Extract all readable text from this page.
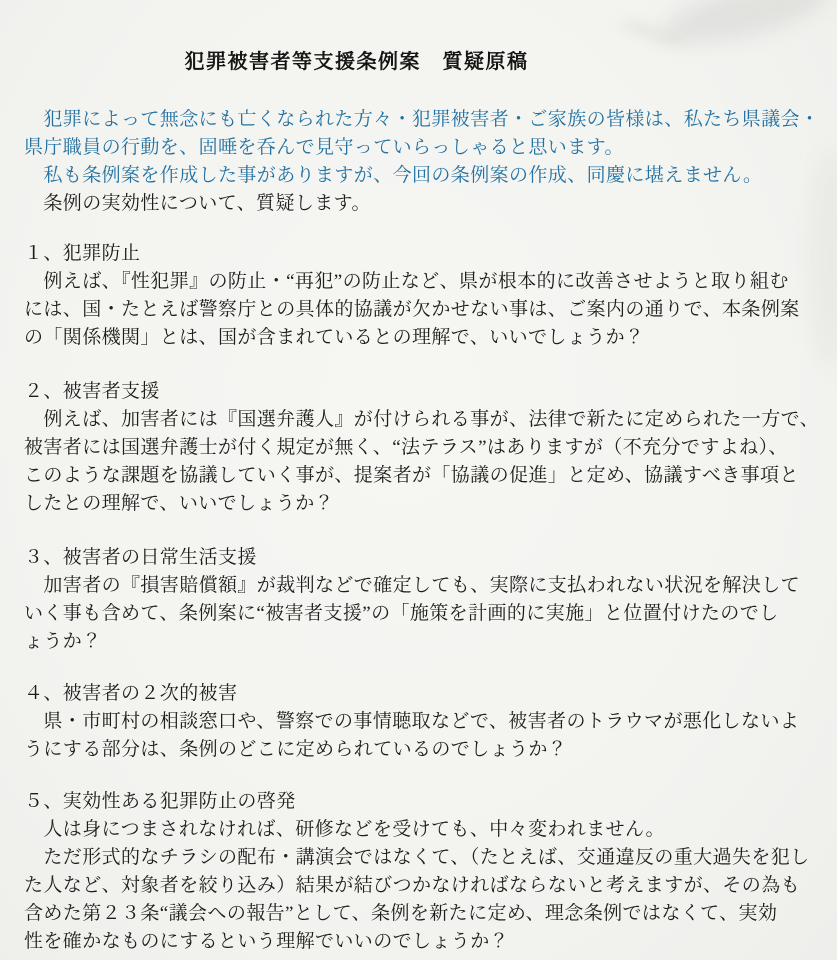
犯罪被害者等支援条例案　質疑原稿
　犯罪によって無念にも亡くなられた方々・犯罪被害者・ご家族の皆様は、私たち県議会・
県庁職員の行動を、固唾を呑んで見守っていらっしゃると思います。
　私も条例案を作成した事がありますが、今回の条例案の作成、同慶に堪えません。
　条例の実効性について、質疑します。
１、犯罪防止
　例えば、『性犯罪』の防止・“再犯”の防止など、県が根本的に改善させようと取り組む
には、国・たとえば警察庁との具体的協議が欠かせない事は、ご案内の通りで、本条例案
の「関係機関」とは、国が含まれているとの理解で、いいでしょうか？
２、被害者支援
　例えば、加害者には『国選弁護人』が付けられる事が、法律で新たに定められた一方で、
被害者には国選弁護士が付く規定が無く、“法テラス”はありますが（不充分ですよね）、
このような課題を協議していく事が、提案者が「協議の促進」と定め、協議すべき事項と
したとの理解で、いいでしょうか？
３、被害者の日常生活支援
　加害者の『損害賠償額』が裁判などで確定しても、実際に支払われない状況を解決して
いく事も含めて、条例案に“被害者支援”の「施策を計画的に実施」と位置付けたのでし
ょうか？
４、被害者の２次的被害
　県・市町村の相談窓口や、警察での事情聴取などで、被害者のトラウマが悪化しないよ
うにする部分は、条例のどこに定められているのでしょうか？
５、実効性ある犯罪防止の啓発
　人は身につまされなければ、研修などを受けても、中々変われません。
　ただ形式的なチラシの配布・講演会ではなくて、（たとえば、交通違反の重大過失を犯し
た人など、対象者を絞り込み）結果が結びつかなければならないと考えますが、その為も
含めた第２３条“議会への報告”として、条例を新たに定め、理念条例ではなくて、実効
性を確かなものにするという理解でいいのでしょうか？
